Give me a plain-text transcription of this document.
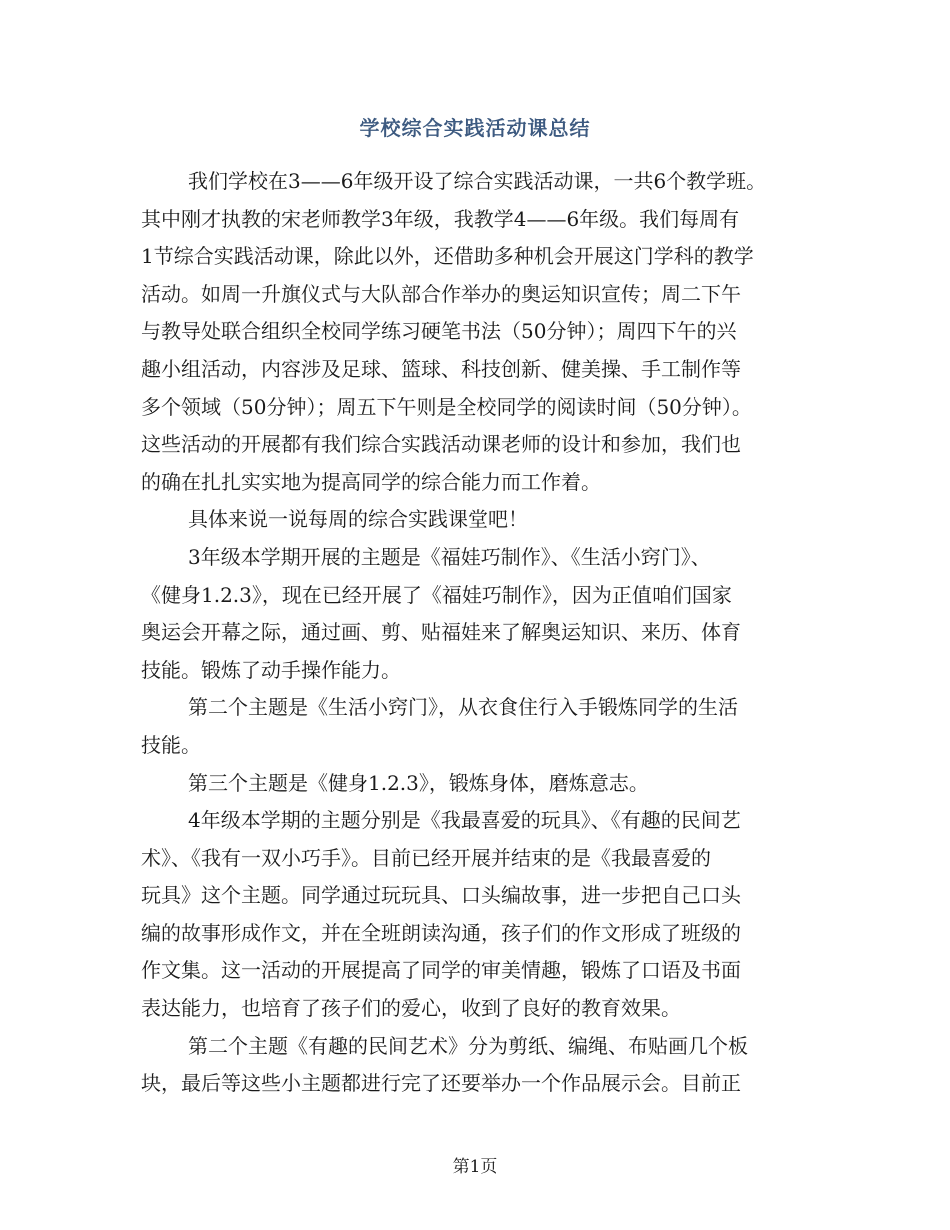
学校综合实践活动课总结

我们学校在3——6年级开设了综合实践活动课，一共6个教学班。

其中刚才执教的宋老师教学3年级，我教学4——6年级。我们每周有

1节综合实践活动课，除此以外，还借助多种机会开展这门学科的教学

活动。如周一升旗仪式与大队部合作举办的奥运知识宣传；周二下午

与教导处联合组织全校同学练习硬笔书法（50分钟）；周四下午的兴

趣小组活动，内容涉及足球、篮球、科技创新、健美操、手工制作等

多个领域（50分钟）；周五下午则是全校同学的阅读时间（50分钟）。

这些活动的开展都有我们综合实践活动课老师的设计和参加，我们也

的确在扎扎实实地为提高同学的综合能力而工作着。

具体来说一说每周的综合实践课堂吧！

3年级本学期开展的主题是《福娃巧制作》、《生活小窍门》、

《健身1.2.3》，现在已经开展了《福娃巧制作》，因为正值咱们国家

奥运会开幕之际，通过画、剪、贴福娃来了解奥运知识、来历、体育

技能。锻炼了动手操作能力。

第二个主题是《生活小窍门》，从衣食住行入手锻炼同学的生活

技能。

第三个主题是《健身1.2.3》，锻炼身体，磨炼意志。

4年级本学期的主题分别是《我最喜爱的玩具》、《有趣的民间艺

术》、《我有一双小巧手》。目前已经开展并结束的是《我最喜爱的

玩具》这个主题。同学通过玩玩具、口头编故事，进一步把自己口头

编的故事形成作文，并在全班朗读沟通，孩子们的作文形成了班级的

作文集。这一活动的开展提高了同学的审美情趣，锻炼了口语及书面

表达能力，也培育了孩子们的爱心，收到了良好的教育效果。

第二个主题《有趣的民间艺术》分为剪纸、编绳、布贴画几个板

块，最后等这些小主题都进行完了还要举办一个作品展示会。目前正

第1页
